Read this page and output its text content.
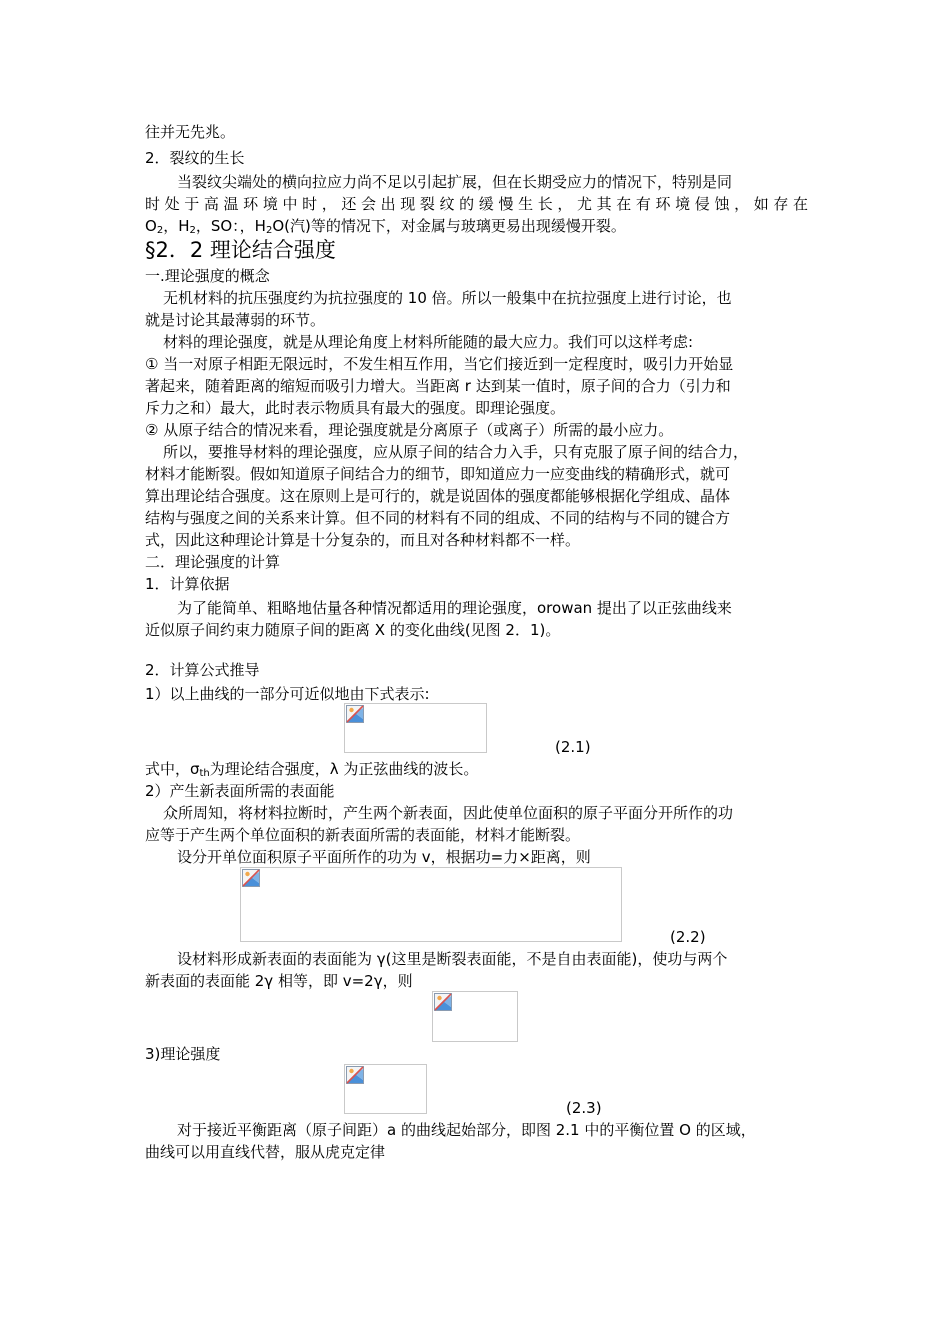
往并无先兆。
2．裂纹的生长
当裂纹尖端处的横向拉应力尚不足以引起扩展，但在长期受应力的情况下，特别是同
时处于高温环境中时，还会出现裂纹的缓慢生长，尤其在有环境侵蚀，如存在
$O_2$，$H_2$，SO：，$H_2O$(汽)等的情况下，对金属与玻璃更易出现缓慢开裂。
§2．2 理论结合强度
一.理论强度的概念
无机材料的抗压强度约为抗拉强度的 10 倍。所以一般集中在抗拉强度上进行讨论，也
就是讨论其最薄弱的环节。
材料的理论强度，就是从理论角度上材料所能随的最大应力。我们可以这样考虑:
① 当一对原子相距无限远时，不发生相互作用，当它们接近到一定程度时，吸引力开始显
著起来，随着距离的缩短而吸引力增大。当距离 r 达到某一值时，原子间的合力（引力和
斥力之和）最大，此时表示物质具有最大的强度。即理论强度。
② 从原子结合的情况来看，理论强度就是分离原子（或离子）所需的最小应力。
所以，要推导材料的理论强度，应从原子间的结合力入手，只有克服了原子间的结合力，
材料才能断裂。假如知道原子间结合力的细节，即知道应力一应变曲线的精确形式，就可
算出理论结合强度。这在原则上是可行的，就是说固体的强度都能够根据化学组成、晶体
结构与强度之间的关系来计算。但不同的材料有不同的组成、不同的结构与不同的键合方
式，因此这种理论计算是十分复杂的，而且对各种材料都不一样。
二．理论强度的计算
1．计算依据
为了能简单、粗略地估量各种情况都适用的理论强度，orowan 提出了以正弦曲线来
近似原子间约束力随原子间的距离 X 的变化曲线(见图 2．1)。
2．计算公式推导
1）以上曲线的一部分可近似地由下式表示:
(2.1)
式中，$\sigma_{th}$为理论结合强度，λ 为正弦曲线的波长。
2）产生新表面所需的表面能
众所周知，将材料拉断时，产生两个新表面，因此使单位面积的原子平面分开所作的功
应等于产生两个单位面积的新表面所需的表面能，材料才能断裂。
设分开单位面积原子平面所作的功为 v，根据功=力×距离，则
(2.2)
设材料形成新表面的表面能为 γ(这里是断裂表面能，不是自由表面能)，使功与两个
新表面的表面能 2γ 相等，即 v=2γ，则
3)理论强度
(2.3)
对于接近平衡距离（原子间距）a 的曲线起始部分，即图 2.1 中的平衡位置 O 的区域，
曲线可以用直线代替，服从虎克定律
